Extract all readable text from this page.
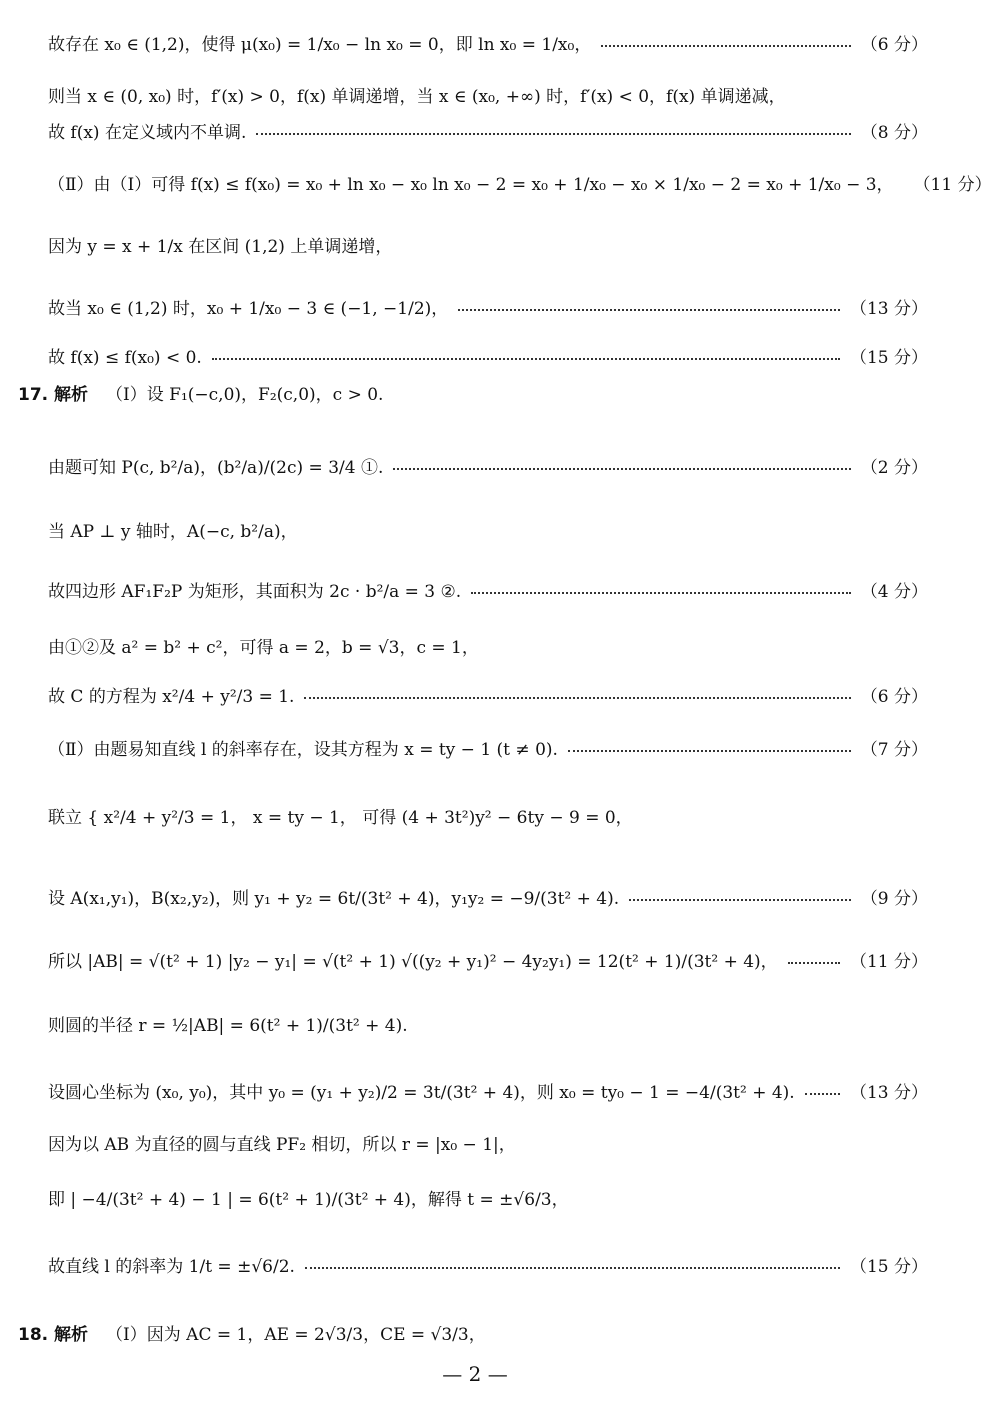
故存在 x₀ ∈ (1,2)，使得 μ(x₀) = 1/x₀ − ln x₀ = 0，即 ln x₀ = 1/x₀，	（6 分）
则当 x ∈ (0, x₀) 时，f′(x) > 0，f(x) 单调递增，当 x ∈ (x₀, +∞) 时，f′(x) < 0，f(x) 单调递减，
故 f(x) 在定义域内不单调.	（8 分）
（Ⅱ）由（Ⅰ）可得 f(x) ≤ f(x₀) = x₀ + ln x₀ − x₀ ln x₀ − 2 = x₀ + 1/x₀ − x₀ × 1/x₀ − 2 = x₀ + 1/x₀ − 3， （11 分）
因为 y = x + 1/x 在区间 (1,2) 上单调递增，
故当 x₀ ∈ (1,2) 时，x₀ + 1/x₀ − 3 ∈ (−1, −1/2)，	（13 分）
故 f(x) ≤ f(x₀) < 0.	（15 分）
17. 解析 （Ⅰ）设 F₁(−c,0)，F₂(c,0)，c > 0.
由题可知 P(c, b²/a)，(b²/a)/(2c) = 3/4 ①.	（2 分）
当 AP ⊥ y 轴时，A(−c, b²/a)，
故四边形 AF₁F₂P 为矩形，其面积为 2c · b²/a = 3 ②.	（4 分）
由①②及 a² = b² + c²，可得 a = 2，b = √3，c = 1，
故 C 的方程为 x²/4 + y²/3 = 1.	（6 分）
（Ⅱ）由题易知直线 l 的斜率存在，设其方程为 x = ty − 1 (t ≠ 0).	（7 分）
联立 { x²/4 + y²/3 = 1， x = ty − 1， 可得 (4 + 3t²)y² − 6ty − 9 = 0，
设 A(x₁,y₁)，B(x₂,y₂)，则 y₁ + y₂ = 6t/(3t² + 4)，y₁y₂ = −9/(3t² + 4).	（9 分）
所以 |AB| = √(t² + 1) |y₂ − y₁| = √(t² + 1) √((y₂ + y₁)² − 4y₂y₁) = 12(t² + 1)/(3t² + 4)，	（11 分）
则圆的半径 r = ½|AB| = 6(t² + 1)/(3t² + 4).
设圆心坐标为 (x₀, y₀)，其中 y₀ = (y₁ + y₂)/2 = 3t/(3t² + 4)，则 x₀ = ty₀ − 1 = −4/(3t² + 4).	（13 分）
因为以 AB 为直径的圆与直线 PF₂ 相切，所以 r = |x₀ − 1|，
即 | −4/(3t² + 4) − 1 | = 6(t² + 1)/(3t² + 4)，解得 t = ±√6/3，
故直线 l 的斜率为 1/t = ±√6/2.	（15 分）
18. 解析 （Ⅰ）因为 AC = 1，AE = 2√3/3，CE = √3/3，
— 2 —
